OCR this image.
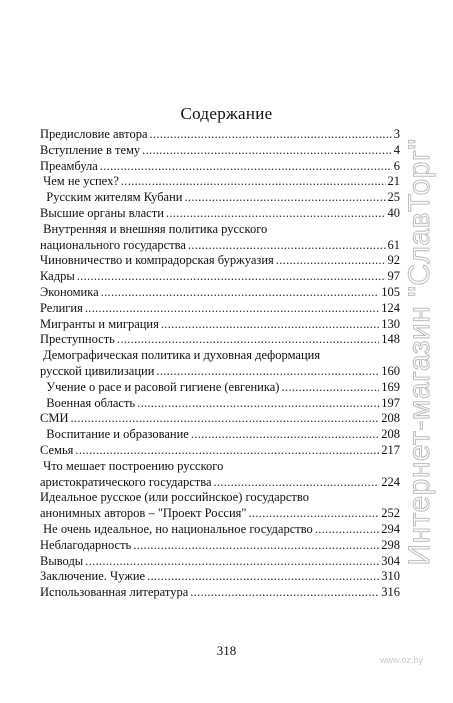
Содержание
Предисловие автора .....	3
Вступление в тему .....	4
Преамбула .....	6
Чем не успех? .....	21
Русским жителям Кубани .....	25
Высшие органы власти .....	40
Внутренняя и внешняя политика русского
национального государства .....	61
Чиновничество и компрадорская буржуазия .....	92
Кадры .....	97
Экономика .....	105
Религия .....	124
Мигранты и миграция .....	130
Преступность .....	148
Демографическая политика и духовная деформация
русской цивилизации .....	160
Учение о расе и расовой гигиене (евгеника) .....	169
Военная область .....	197
СМИ .....	208
Воспитание и образование .....	208
Семья .....	217
Что мешает построению русского
аристократического государства .....	224
Идеальное русское (или российнское) государство
анонимных авторов – "Проект Россия" .....	252
Не очень идеальное, но национальное государство .....	294
Неблагодарность .....	298
Выводы .....	304
Заключение. Чужие .....	310
Использованная литература .....	316
318
Интернет-магазин "СлавТорг"
www.oz.by
